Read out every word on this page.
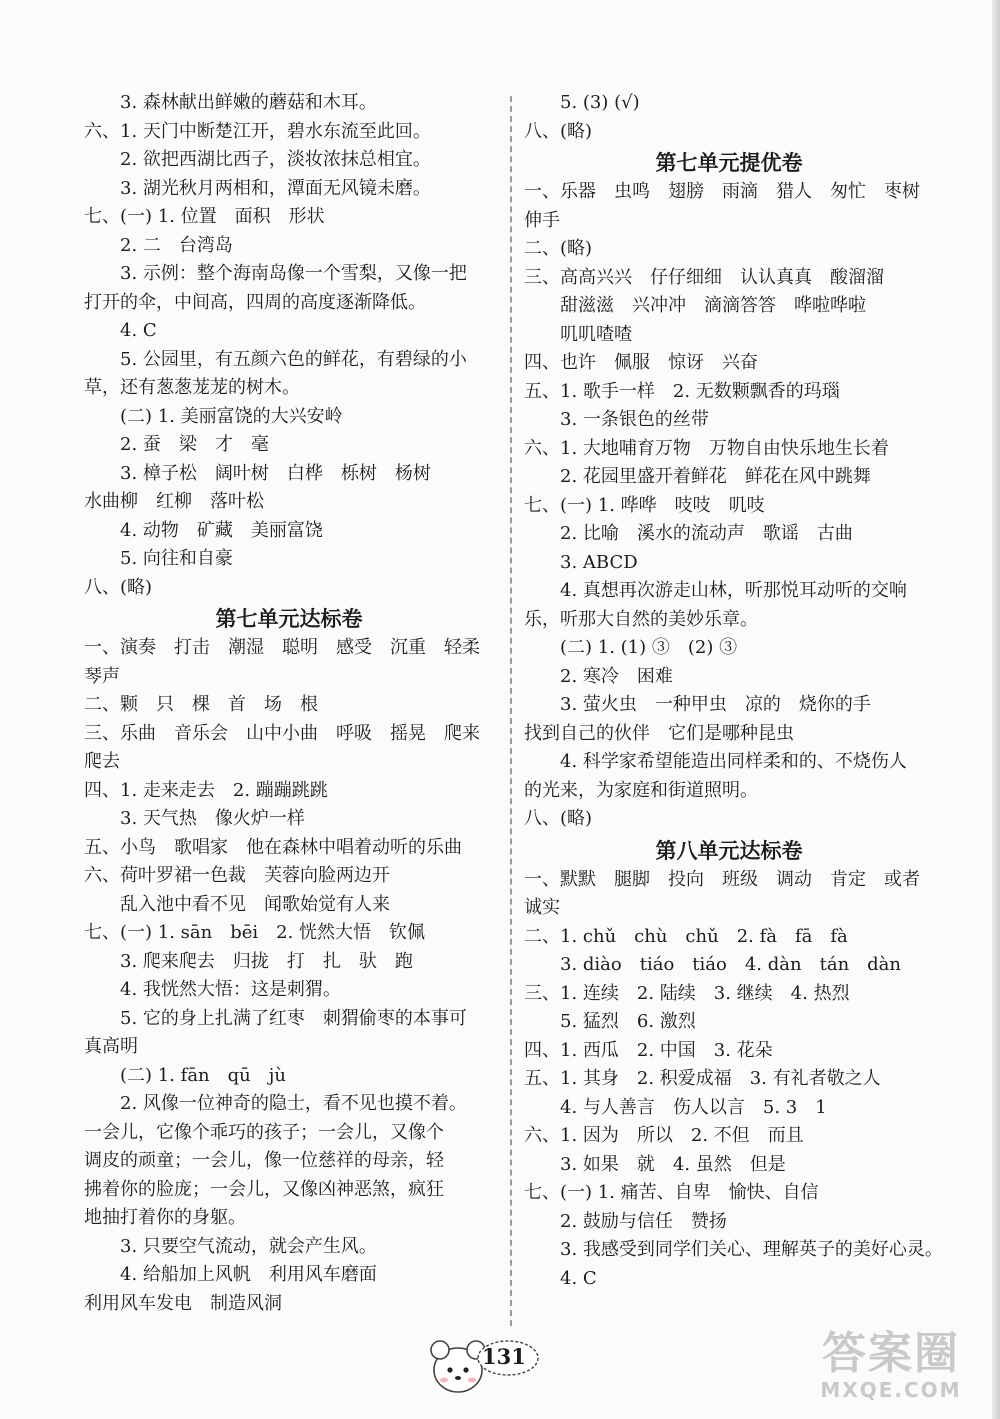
3. 森林献出鲜嫩的蘑菇和木耳。
六、1. 天门中断楚江开，碧水东流至此回。
2. 欲把西湖比西子，淡妆浓抹总相宜。
3. 湖光秋月两相和，潭面无风镜未磨。
七、(一) 1. 位置　面积　形状
2. 二　台湾岛
3. 示例：整个海南岛像一个雪梨，又像一把
打开的伞，中间高，四周的高度逐渐降低。
4. C
5. 公园里，有五颜六色的鲜花，有碧绿的小
草，还有葱葱茏茏的树木。
(二) 1. 美丽富饶的大兴安岭
2. 蚕　梁　才　毫
3. 樟子松　阔叶树　白桦　栎树　杨树
水曲柳　红柳　落叶松
4. 动物　矿藏　美丽富饶
5. 向往和自豪
八、(略)
第七单元达标卷
一、演奏　打击　潮湿　聪明　感受　沉重　轻柔
琴声
二、颗　只　棵　首　场　根
三、乐曲　音乐会　山中小曲　呼吸　摇晃　爬来
爬去
四、1. 走来走去　2. 蹦蹦跳跳
3. 天气热　像火炉一样
五、小鸟　歌唱家　他在森林中唱着动听的乐曲
六、荷叶罗裙一色裁　芙蓉向脸两边开
乱入池中看不见　闻歌始觉有人来
七、(一) 1. sān　bēi　2. 恍然大悟　钦佩
3. 爬来爬去　归拢　打　扎　驮　跑
4. 我恍然大悟：这是刺猬。
5. 它的身上扎满了红枣　刺猬偷枣的本事可
真高明
(二) 1. fān　qū　jù
2. 风像一位神奇的隐士，看不见也摸不着。
一会儿，它像个乖巧的孩子；一会儿，又像个
调皮的顽童；一会儿，像一位慈祥的母亲，轻
拂着你的脸庞；一会儿，又像凶神恶煞，疯狂
地抽打着你的身躯。
3. 只要空气流动，就会产生风。
4. 给船加上风帆　利用风车磨面
利用风车发电　制造风洞
5. (3) (√)
八、(略)
第七单元提优卷
一、乐器　虫鸣　翅膀　雨滴　猎人　匆忙　枣树
伸手
二、(略)
三、高高兴兴　仔仔细细　认认真真　酸溜溜
甜滋滋　兴冲冲　滴滴答答　哗啦哗啦
叽叽喳喳
四、也许　佩服　惊讶　兴奋
五、1. 歌手一样　2. 无数颗飘香的玛瑙
3. 一条银色的丝带
六、1. 大地哺育万物　万物自由快乐地生长着
2. 花园里盛开着鲜花　鲜花在风中跳舞
七、(一) 1. 哗哗　吱吱　叽吱
2. 比喻　溪水的流动声　歌谣　古曲
3. ABCD
4. 真想再次游走山林，听那悦耳动听的交响
乐，听那大自然的美妙乐章。
(二) 1. (1) ③　(2) ③
2. 寒冷　困难
3. 萤火虫　一种甲虫　凉的　烧你的手
找到自己的伙伴　它们是哪种昆虫
4. 科学家希望能造出同样柔和的、不烧伤人
的光来，为家庭和街道照明。
八、(略)
第八单元达标卷
一、默默　腿脚　投向　班级　调动　肯定　或者
诚实
二、1. chǔ　chù　chǔ　2. fà　fā　fà
3. diào　tiáo　tiáo　4. dàn　tán　dàn
三、1. 连续　2. 陆续　3. 继续　4. 热烈
5. 猛烈　6. 激烈
四、1. 西瓜　2. 中国　3. 花朵
五、1. 其身　2. 积爱成福　3. 有礼者敬之人
4. 与人善言　伤人以言　5. 3　1
六、1. 因为　所以　2. 不但　而且
3. 如果　就　4. 虽然　但是
七、(一) 1. 痛苦、自卑　愉快、自信
2. 鼓励与信任　赞扬
3. 我感受到同学们关心、理解英子的美好心灵。
4. C
131	答案圈
MXQE.COM
